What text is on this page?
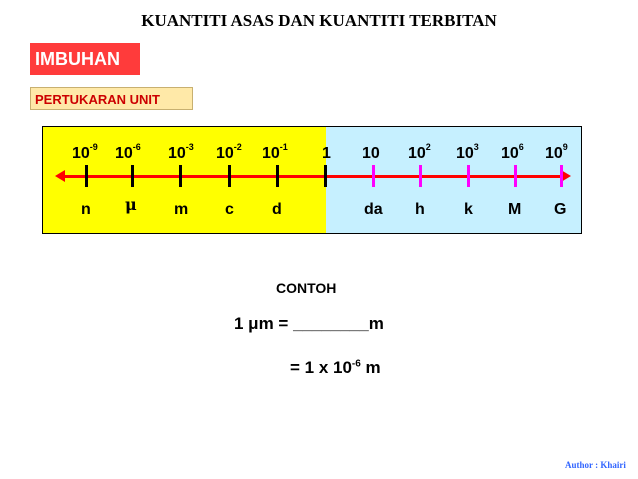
KUANTITI ASAS DAN KUANTITI TERBITAN
IMBUHAN
PERTUKARAN UNIT
$10^{-9}$
n
$10^{-6}$
μ
$10^{-3}$
m
$10^{-2}$
c
$10^{-1}$
d
1 10
da
$10^2$
h
$10^3$
k
$10^6$
M
$10^9$
G
CONTOH
1 μm = ________m
= 1 x $10^{-6}$ m
Author : Khairi
